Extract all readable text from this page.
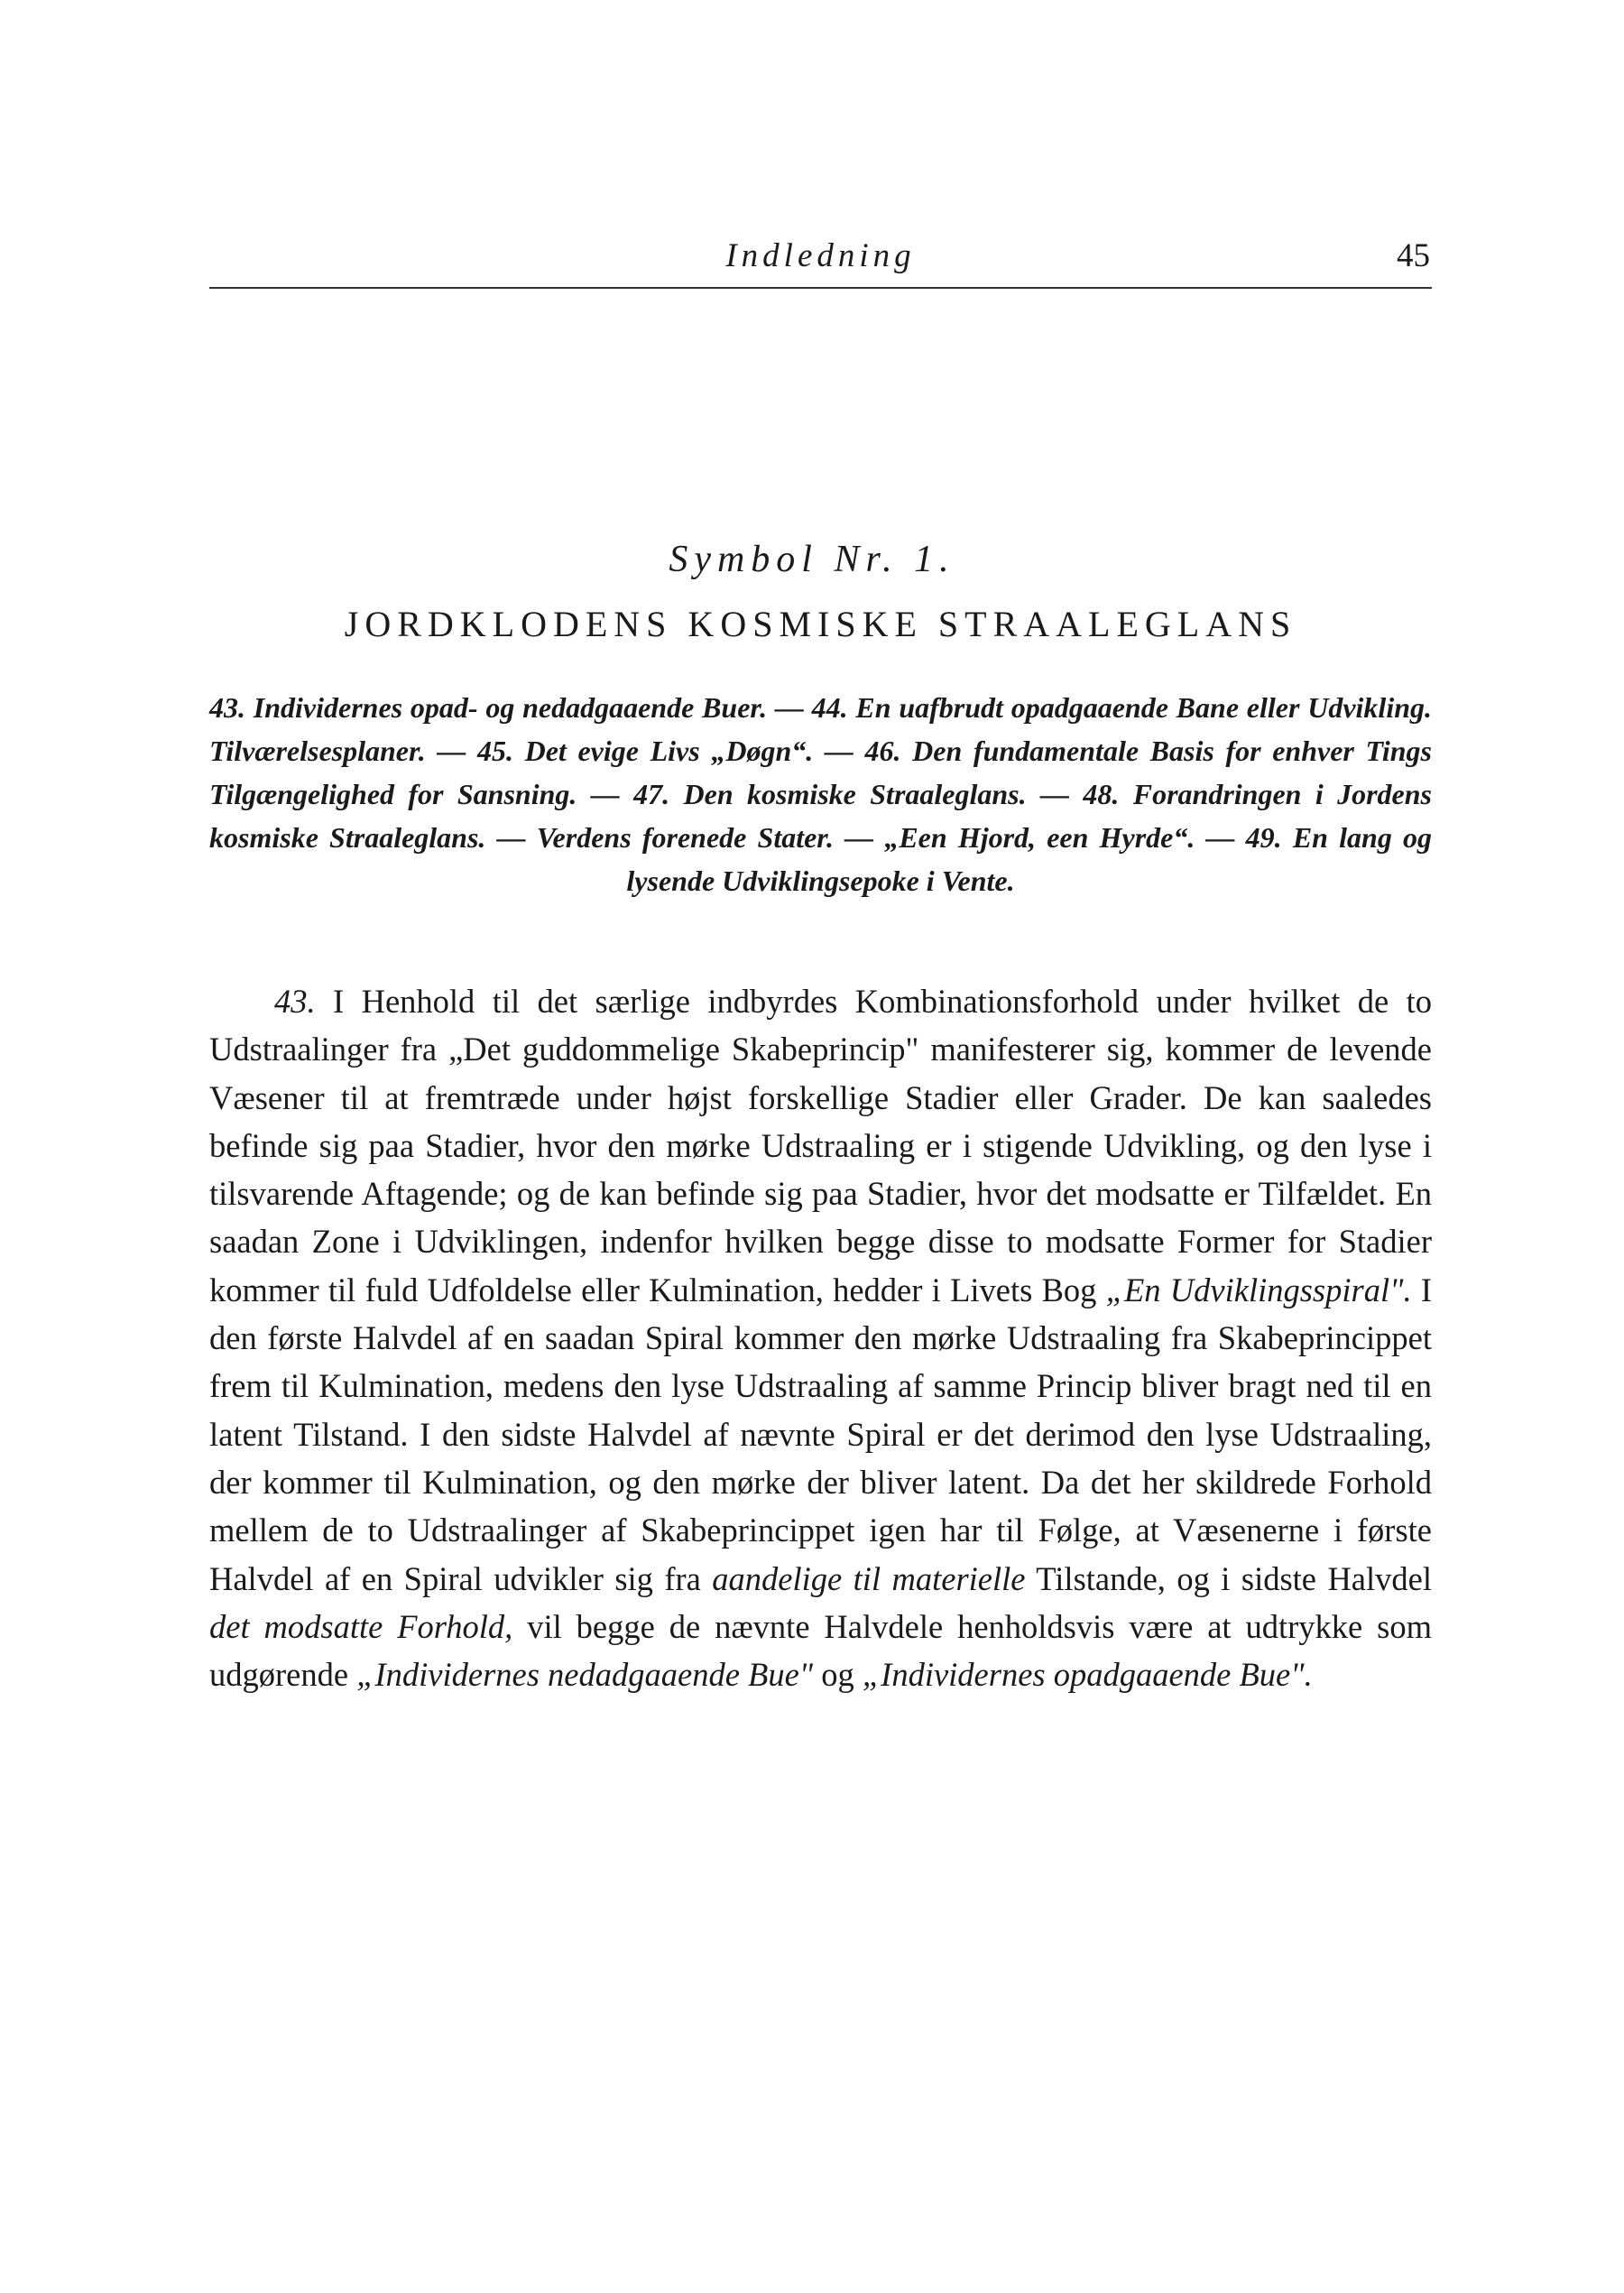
Indledning	45
Symbol Nr. 1.
JORDKLODENS KOSMISKE STRAALEGLANS
43. Individernes opad- og nedadgaaende Buer. — 44. En uafbrudt opadgaaende Bane eller Udvikling. Tilværelsesplaner. — 45. Det evige Livs „Døgn“. — 46. Den fundamentale Basis for enhver Tings Tilgængelighed for Sansning. — 47. Den kosmiske Straaleglans. — 48. Forandringen i Jordens kosmiske Straaleglans. — Verdens forenede Stater. — „Een Hjord, een Hyrde“. — 49. En lang og lysende Udviklingsepoke i Vente.

43. I Henhold til det særlige indbyrdes Kombinationsforhold under hvilket de to Udstraalinger fra „Det guddommelige Skabeprincip" manifesterer sig, kommer de levende Væsener til at fremtræde under højst forskellige Stadier eller Grader. De kan saaledes befinde sig paa Stadier, hvor den mørke Udstraaling er i stigende Udvikling, og den lyse i tilsvarende Aftagende; og de kan befinde sig paa Stadier, hvor det modsatte er Tilfældet. En saadan Zone i Udviklingen, indenfor hvilken begge disse to modsatte Former for Stadier kommer til fuld Udfoldelse eller Kulmination, hedder i Livets Bog „En Udviklingsspiral". I den første Halvdel af en saadan Spiral kommer den mørke Udstraaling fra Skabeprincippet frem til Kulmination, medens den lyse Udstraaling af samme Princip bliver bragt ned til en latent Tilstand. I den sidste Halvdel af nævnte Spiral er det derimod den lyse Udstraaling, der kommer til Kulmination, og den mørke der bliver latent. Da det her skildrede Forhold mellem de to Udstraalinger af Skabeprincippet igen har til Følge, at Væsenerne i første Halvdel af en Spiral udvikler sig fra aandelige til materielle Tilstande, og i sidste Halvdel det modsatte Forhold, vil begge de nævnte Halvdele henholdsvis være at udtrykke som udgørende „Individernes nedadgaaende Bue" og „Individernes opadgaaende Bue".
